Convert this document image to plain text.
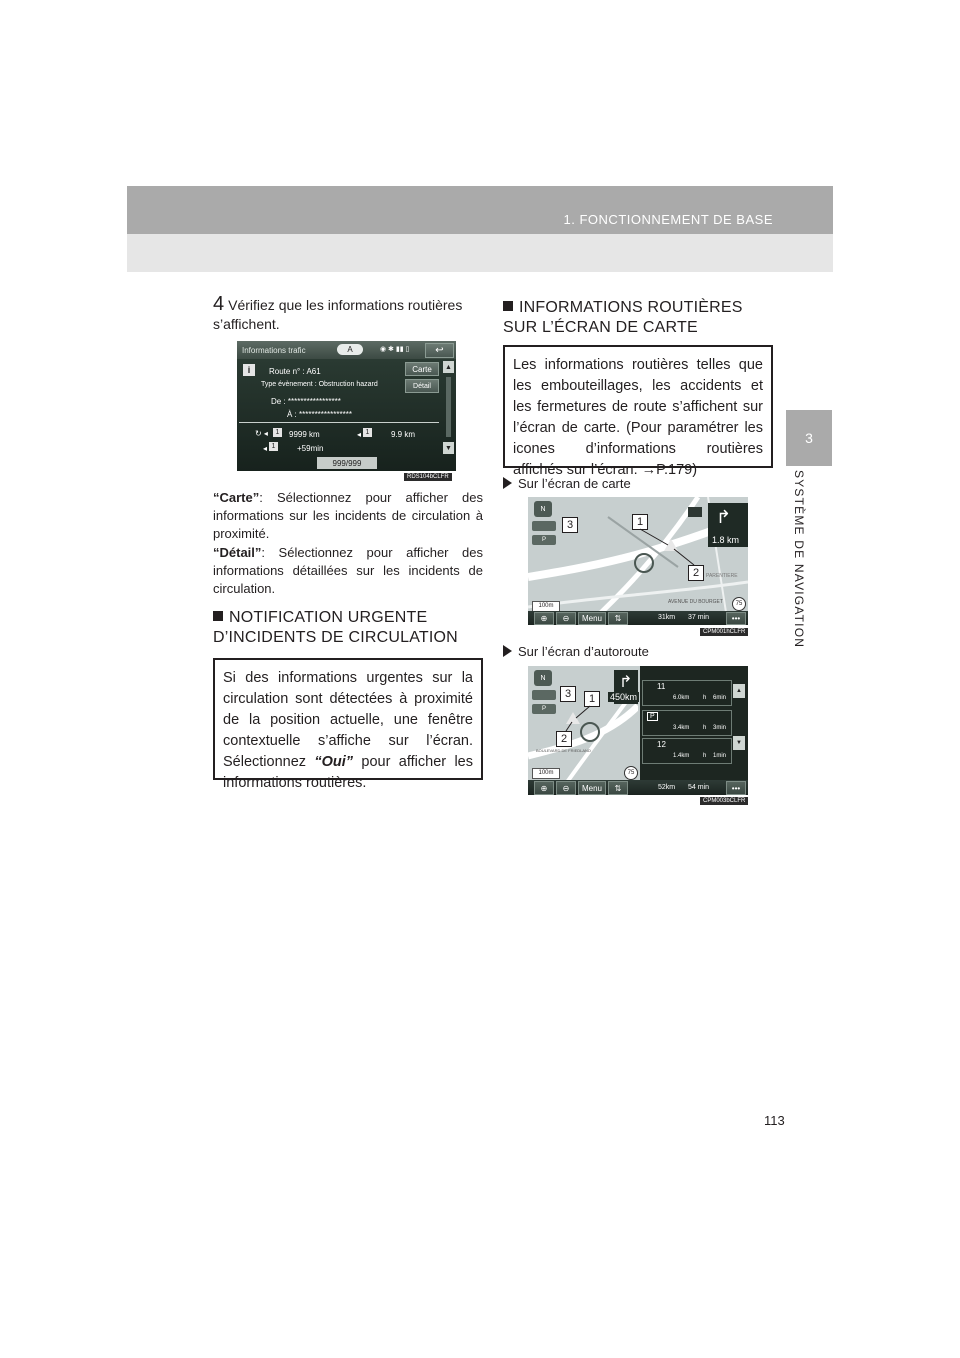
1. FONCTIONNEMENT DE BASE
3
SYSTÈME DE NAVIGATION
4 Vérifiez que les informations routières s’affichent.
Informations trafic	A	◉ ✱ ▮▮ ▯	↩
i	Route n° : A61
Type évènement : Obstruction hazard
Carte
Détail
▲
▼
De : *****************
À : *****************
↻ ◂	1	9999 km	◂ 1	9.9 km
◂ 1	+59min
999/999
RDS104bCLFR

“Carte”: Sélectionnez pour afficher des informations sur les incidents de circulation à proximité.

“Détail”: Sélectionnez pour afficher des informations détaillées sur les incidents de circulation.

NOTIFICATION URGENTE D’INCIDENTS DE CIRCULATION
Si des informations urgentes sur la circulation sont détectées à proximité de la position actuelle, une fenêtre contextuelle s’affiche sur l’écran. Sélectionnez “Oui” pour afficher les informations routières.
INFORMATIONS ROUTIÈRES SUR L’ÉCRAN DE CARTE
Les informations routières telles que les embouteillages, les accidents et les fermetures de route s’affichent sur l’écran de carte. (Pour paramétrer les icones d’informations routières affichés sur l’écran: →P.179)
Sur l’écran de carte
N
P
↱
1.8 km
AVENUE DU BOURGET
PARENTIERE
3	1
2
100m	75
⊕	⊖	Menu	⇅	31km 37 min	•••
CPM001hCLFR
Sur l’écran d’autoroute
N
P
↱
450km
BOULEVARD DE FRIEDLAND
3	1
2
100m	75
11
6.0km h 6min
P
3.4km h 3min
12
1.4km h 1min
▲
▼
⊕	⊖	Menu	⇅	52km 54 min	•••
CPM003bCLFR
113
